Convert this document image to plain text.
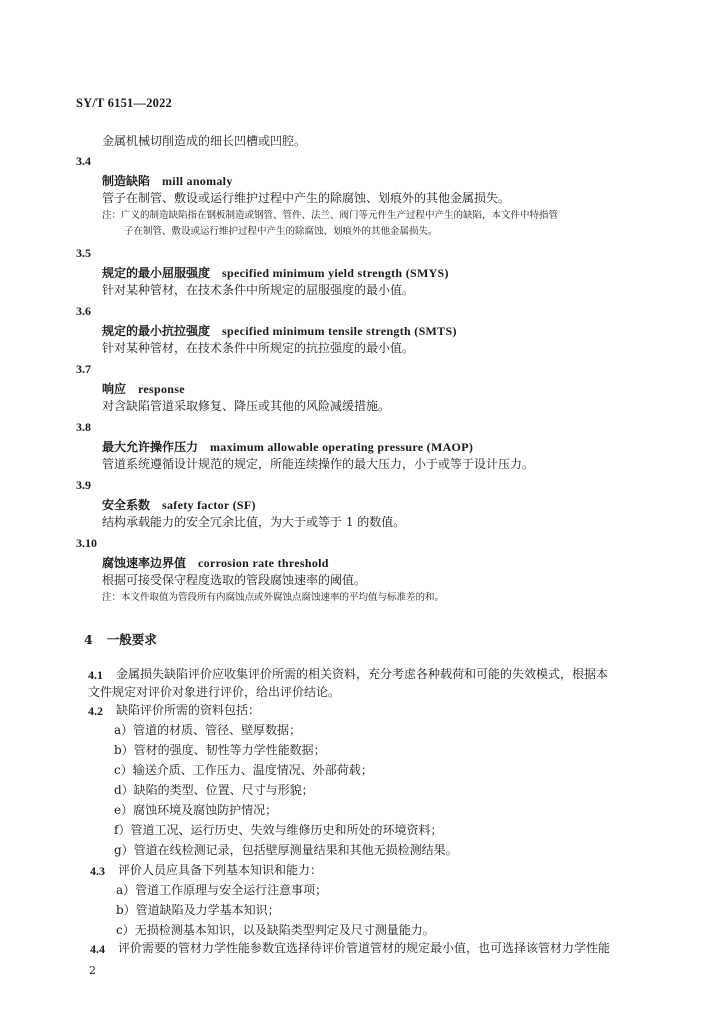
SY/T 6151—2022
金属机械切削造成的细长凹槽或凹腔。
3.4
制造缺陷 mill anomaly
管子在制管、敷设或运行维护过程中产生的除腐蚀、划痕外的其他金属损失。
注：广义的制造缺陷指在钢板制造或钢管、管件、法兰、阀门等元件生产过程中产生的缺陷，本文件中特指管
子在制管、敷设或运行维护过程中产生的除腐蚀、划痕外的其他金属损失。
3.5
规定的最小屈服强度 specified minimum yield strength (SMYS)
针对某种管材，在技术条件中所规定的屈服强度的最小值。
3.6
规定的最小抗拉强度 specified minimum tensile strength (SMTS)
针对某种管材，在技术条件中所规定的抗拉强度的最小值。
3.7
响应 response
对含缺陷管道采取修复、降压或其他的风险减缓措施。
3.8
最大允许操作压力 maximum allowable operating pressure (MAOP)
管道系统遵循设计规范的规定，所能连续操作的最大压力，小于或等于设计压力。
3.9
安全系数 safety factor (SF)
结构承载能力的安全冗余比值，为大于或等于 1 的数值。
3.10
腐蚀速率边界值 corrosion rate threshold
根据可接受保守程度选取的管段腐蚀速率的阈值。
注：本文件取值为管段所有内腐蚀点或外腐蚀点腐蚀速率的平均值与标准差的和。
4 一般要求
4.1 金属损失缺陷评价应收集评价所需的相关资料，充分考虑各种载荷和可能的失效模式，根据本
文件规定对评价对象进行评价，给出评价结论。
4.2 缺陷评价所需的资料包括：
a）管道的材质、管径、壁厚数据；
b）管材的强度、韧性等力学性能数据；
c）输送介质、工作压力、温度情况、外部荷载；
d）缺陷的类型、位置、尺寸与形貌；
e）腐蚀环境及腐蚀防护情况；
f）管道工况、运行历史、失效与维修历史和所处的环境资料；
g）管道在线检测记录，包括壁厚测量结果和其他无损检测结果。
4.3 评价人员应具备下列基本知识和能力：
a）管道工作原理与安全运行注意事项；
b）管道缺陷及力学基本知识；
c）无损检测基本知识，以及缺陷类型判定及尺寸测量能力。
4.4 评价需要的管材力学性能参数宜选择待评价管道管材的规定最小值，也可选择该管材力学性能
2
